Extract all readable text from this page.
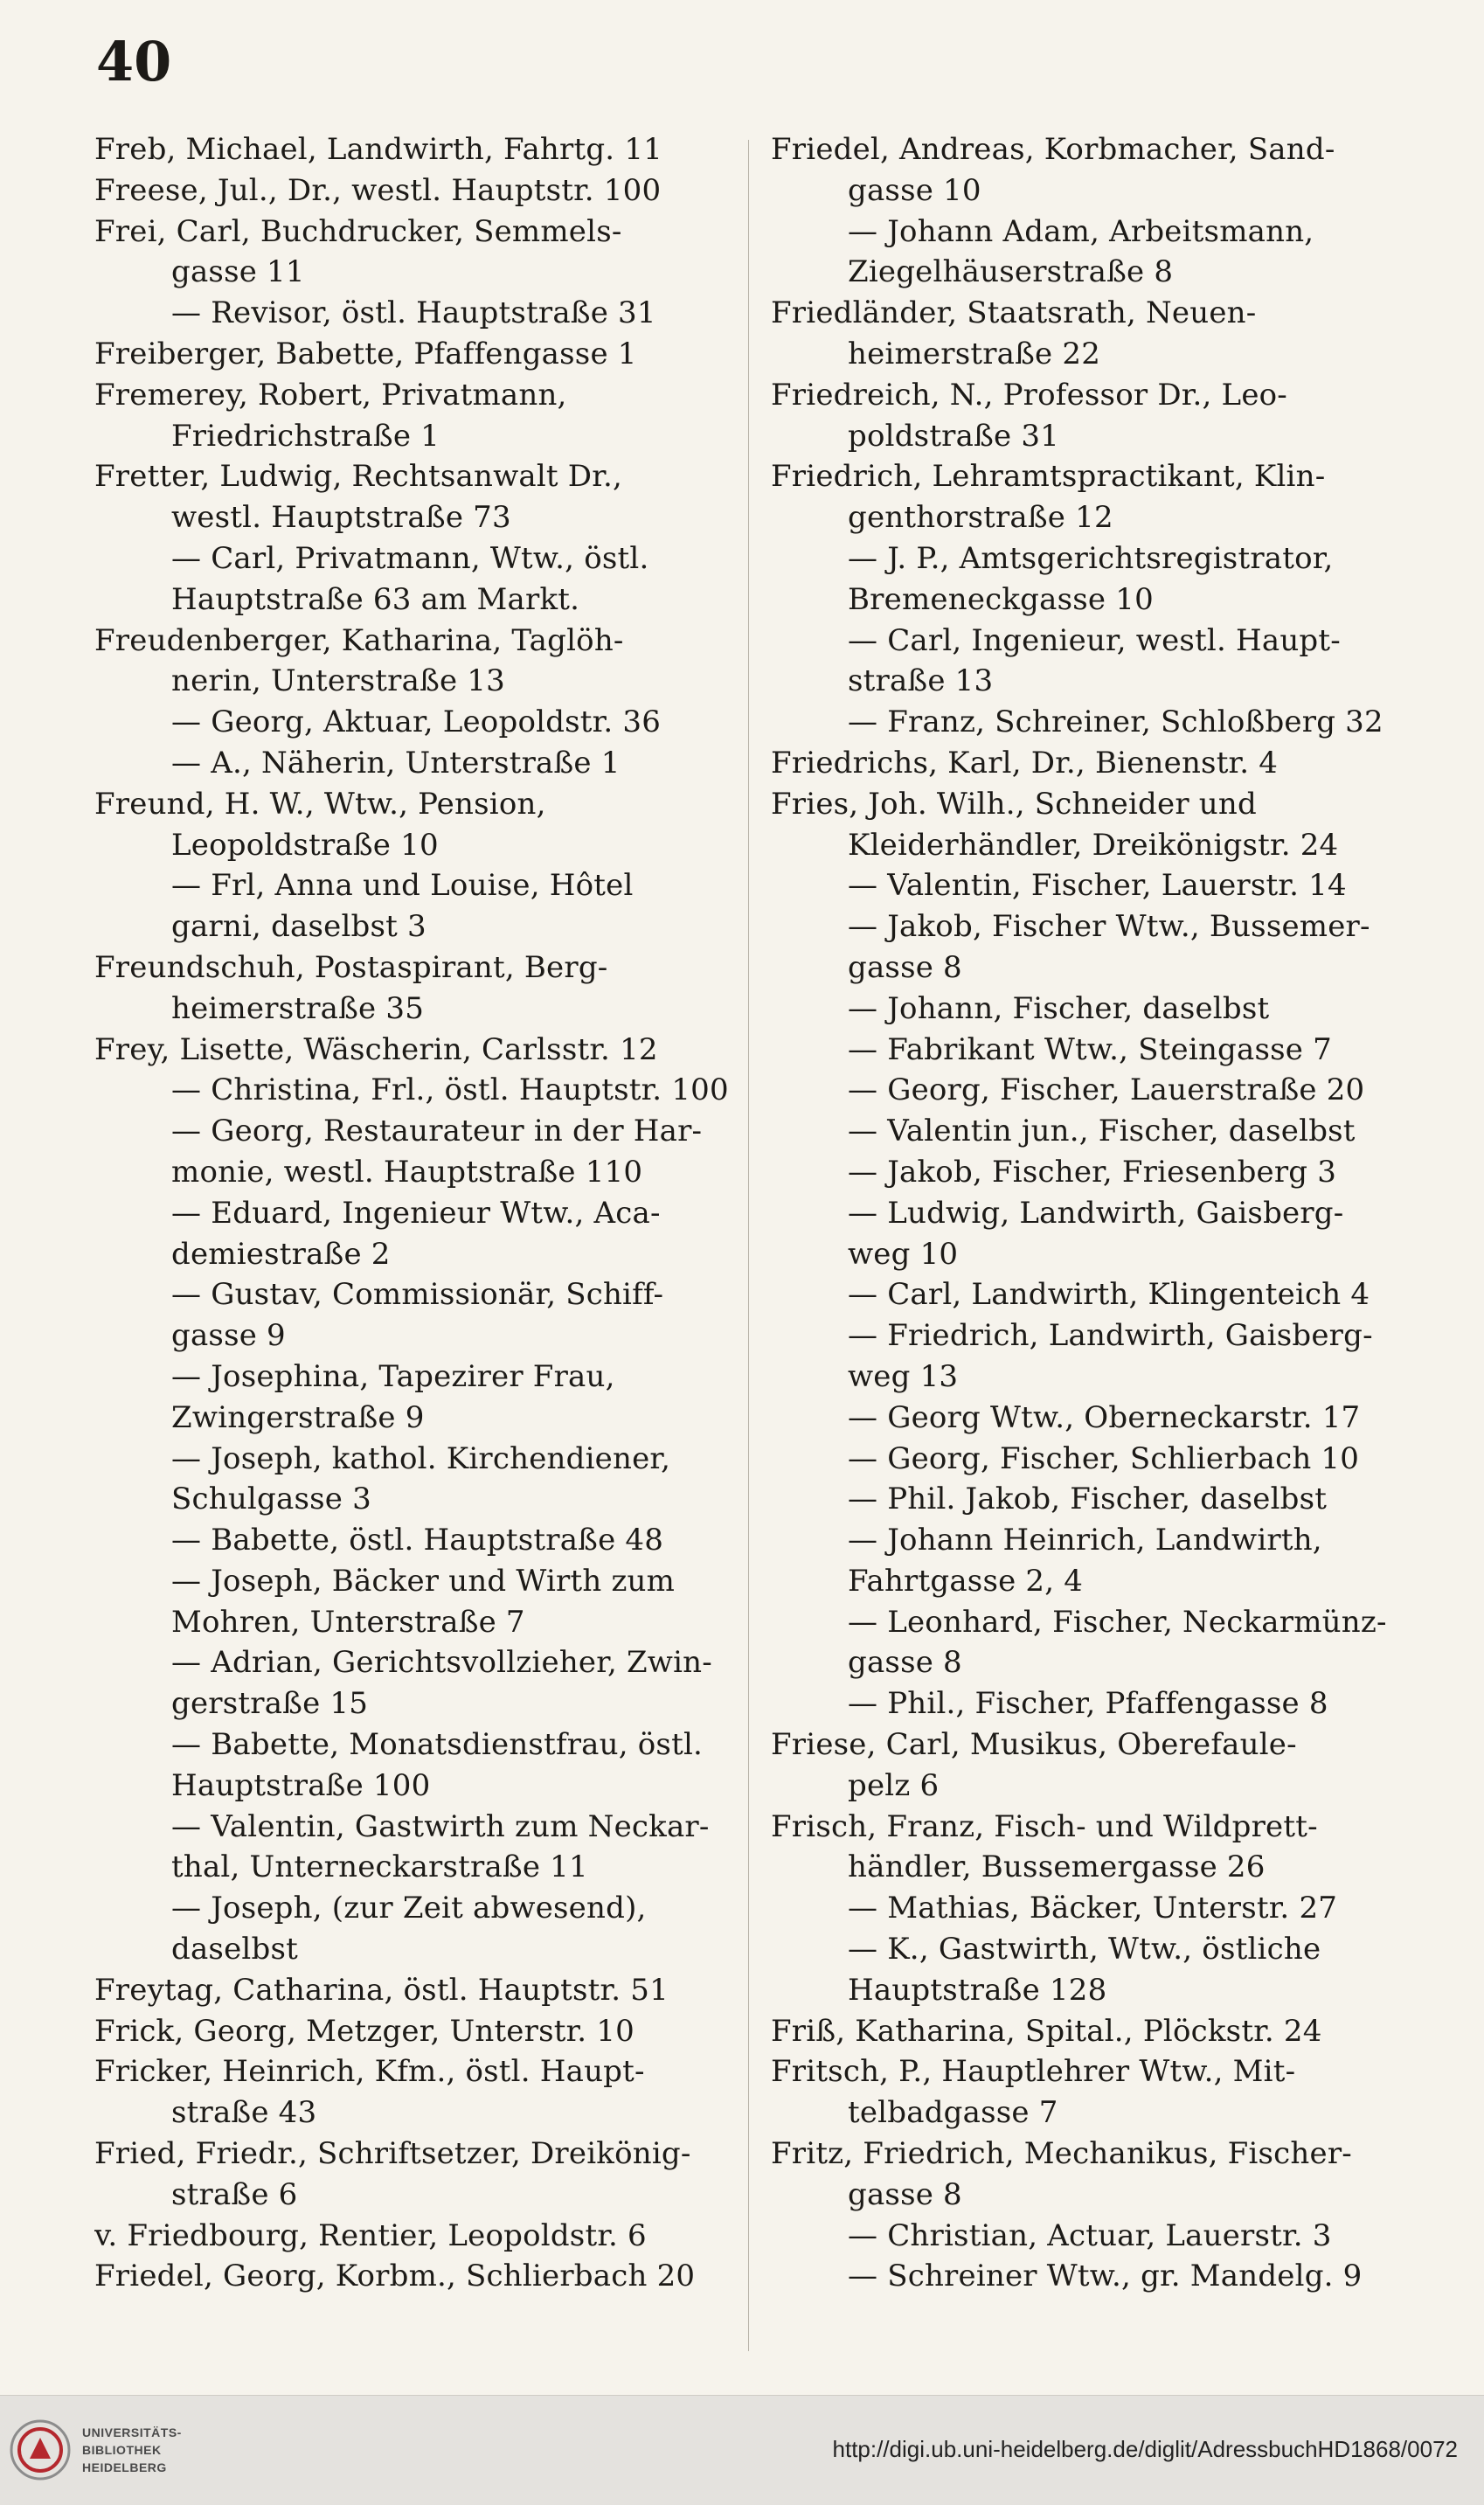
40
Freb, Michael, Landwirth, Fahrtg. 11
Freese, Jul., Dr., westl. Hauptstr. 100
Frei, Carl, Buchdrucker, Semmels-
gasse 11
— Revisor, östl. Hauptstraße 31
Freiberger, Babette, Pfaffengasse 1
Fremerey, Robert, Privatmann,
Friedrichstraße 1
Fretter, Ludwig, Rechtsanwalt Dr.,
westl. Hauptstraße 73
— Carl, Privatmann, Wtw., östl.
Hauptstraße 63 am Markt.
Freudenberger, Katharina, Taglöh-
nerin, Unterstraße 13
— Georg, Aktuar, Leopoldstr. 36
— A., Näherin, Unterstraße 1
Freund, H. W., Wtw., Pension,
Leopoldstraße 10
— Frl, Anna und Louise, Hôtel
garni, daselbst 3
Freundschuh, Postaspirant, Berg-
heimerstraße 35
Frey, Lisette, Wäscherin, Carlsstr. 12
— Christina, Frl., östl. Hauptstr. 100
— Georg, Restaurateur in der Har-
monie, westl. Hauptstraße 110
— Eduard, Ingenieur Wtw., Aca-
demiestraße 2
— Gustav, Commissionär, Schiff-
gasse 9
— Josephina, Tapezirer Frau,
Zwingerstraße 9
— Joseph, kathol. Kirchendiener,
Schulgasse 3
— Babette, östl. Hauptstraße 48
— Joseph, Bäcker und Wirth zum
Mohren, Unterstraße 7
— Adrian, Gerichtsvollzieher, Zwin-
gerstraße 15
— Babette, Monatsdienstfrau, östl.
Hauptstraße 100
— Valentin, Gastwirth zum Neckar-
thal, Unterneckarstraße 11
— Joseph, (zur Zeit abwesend),
daselbst
Freytag, Catharina, östl. Hauptstr. 51
Frick, Georg, Metzger, Unterstr. 10
Fricker, Heinrich, Kfm., östl. Haupt-
straße 43
Fried, Friedr., Schriftsetzer, Dreikönig-
straße 6
v. Friedbourg, Rentier, Leopoldstr. 6
Friedel, Georg, Korbm., Schlierbach 20
Friedel, Andreas, Korbmacher, Sand-
gasse 10
— Johann Adam, Arbeitsmann,
Ziegelhäuserstraße 8
Friedländer, Staatsrath, Neuen-
heimerstraße 22
Friedreich, N., Professor Dr., Leo-
poldstraße 31
Friedrich, Lehramtspractikant, Klin-
genthorstraße 12
— J. P., Amtsgerichtsregistrator,
Bremeneckgasse 10
— Carl, Ingenieur, westl. Haupt-
straße 13
— Franz, Schreiner, Schloßberg 32
Friedrichs, Karl, Dr., Bienenstr. 4
Fries, Joh. Wilh., Schneider und
Kleiderhändler, Dreikönigstr. 24
— Valentin, Fischer, Lauerstr. 14
— Jakob, Fischer Wtw., Bussemer-
gasse 8
— Johann, Fischer, daselbst
— Fabrikant Wtw., Steingasse 7
— Georg, Fischer, Lauerstraße 20
— Valentin jun., Fischer, daselbst
— Jakob, Fischer, Friesenberg 3
— Ludwig, Landwirth, Gaisberg-
weg 10
— Carl, Landwirth, Klingenteich 4
— Friedrich, Landwirth, Gaisberg-
weg 13
— Georg Wtw., Oberneckarstr. 17
— Georg, Fischer, Schlierbach 10
— Phil. Jakob, Fischer, daselbst
— Johann Heinrich, Landwirth,
Fahrtgasse 2, 4
— Leonhard, Fischer, Neckarmünz-
gasse 8
— Phil., Fischer, Pfaffengasse 8
Friese, Carl, Musikus, Oberefaule-
pelz 6
Frisch, Franz, Fisch- und Wildprett-
händler, Bussemergasse 26
— Mathias, Bäcker, Unterstr. 27
— K., Gastwirth, Wtw., östliche
Hauptstraße 128
Friß, Katharina, Spital., Plöckstr. 24
Fritsch, P., Hauptlehrer Wtw., Mit-
telbadgasse 7
Fritz, Friedrich, Mechanikus, Fischer-
gasse 8
— Christian, Actuar, Lauerstr. 3
— Schreiner Wtw., gr. Mandelg. 9
UNIVERSITÄTS-
BIBLIOTHEK
HEIDELBERG
http://digi.ub.uni-heidelberg.de/diglit/AdressbuchHD1868/0072
